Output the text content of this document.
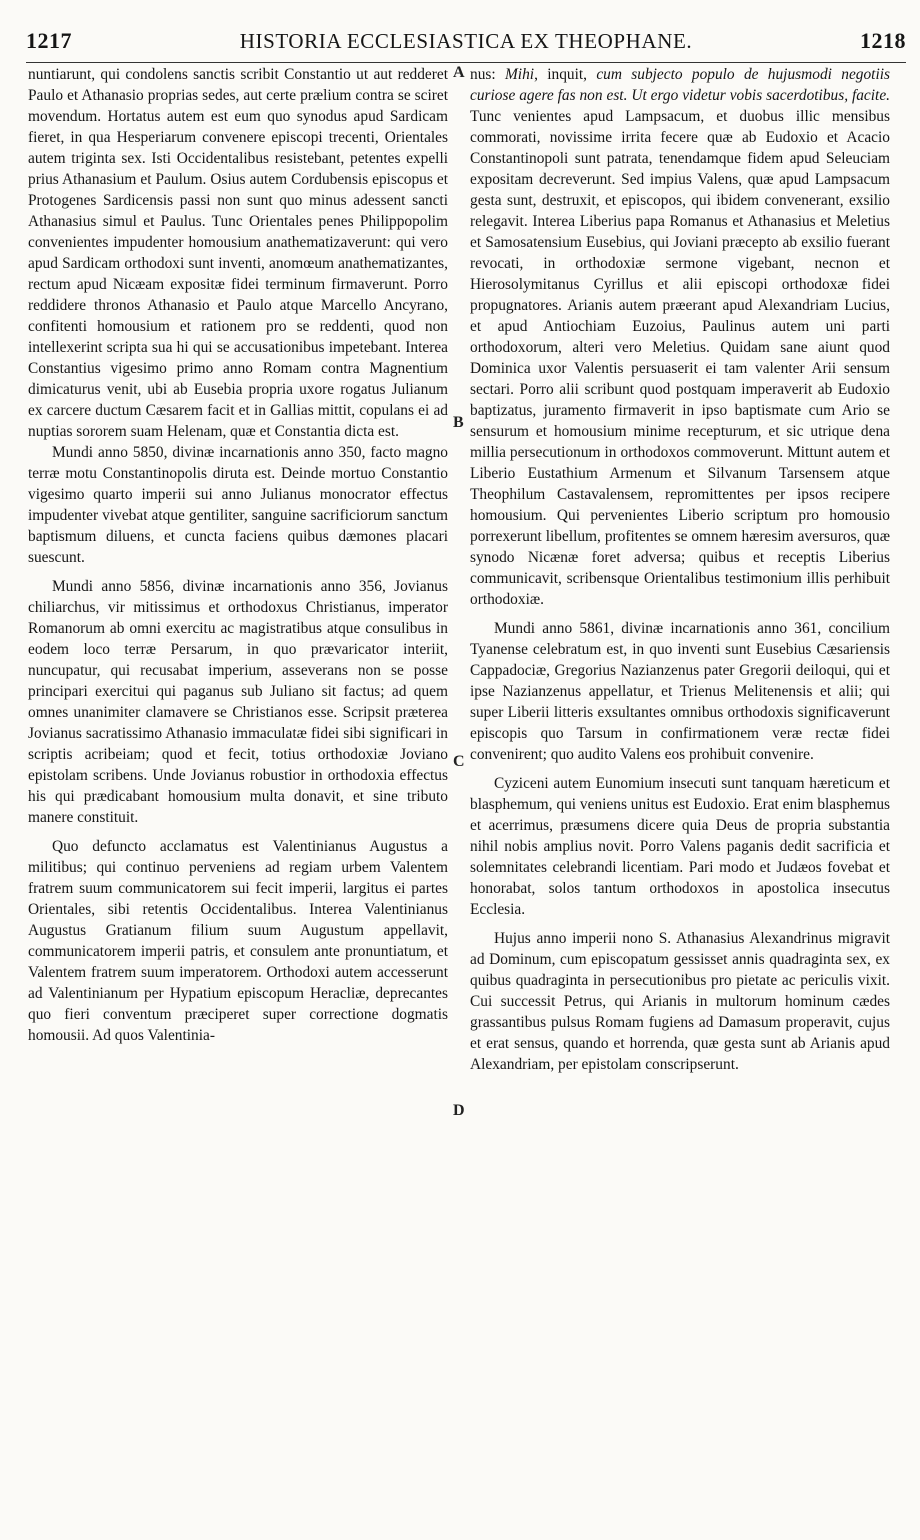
1217	HISTORIA ECCLESIASTICA EX THEOPHANE.	1218

nuntiarunt, qui condolens sanctis scribit Constantio ut aut redderet Paulo et Athanasio proprias sedes, aut certe prælium contra se sciret movendum. Hortatus autem est eum quo synodus apud Sardicam fieret, in qua Hesperiarum convenere episcopi trecenti, Orientales autem triginta sex. Isti Occidentalibus resistebant, petentes expelli prius Athanasium et Paulum. Osius autem Cordubensis episcopus et Protogenes Sardicensis passi non sunt quo minus adessent sancti Athanasius simul et Paulus. Tunc Orientales penes Philippopolim convenientes impudenter homousium anathematizaverunt: qui vero apud Sardicam orthodoxi sunt inventi, anomœum anathematizantes, rectum apud Nicæam expositæ fidei terminum firmaverunt. Porro reddidere thronos Athanasio et Paulo atque Marcello Ancyrano, confitenti homousium et rationem pro se reddenti, quod non intellexerint scripta sua hi qui se accusationibus impetebant. Interea Constantius vigesimo primo anno Romam contra Magnentium dimicaturus venit, ubi ab Eusebia propria uxore rogatus Julianum ex carcere ductum Cæsarem facit et in Gallias mittit, copulans ei ad nuptias sororem suam Helenam, quæ et Constantia dicta est.

Mundi anno 5850, divinæ incarnationis anno 350, facto magno terræ motu Constantinopolis diruta est. Deinde mortuo Constantio vigesimo quarto imperii sui anno Julianus monocrator effectus impudenter vivebat atque gentiliter, sanguine sacrificiorum sanctum baptismum diluens, et cuncta faciens quibus dæmones placari suescunt.

Mundi anno 5856, divinæ incarnationis anno 356, Jovianus chiliarchus, vir mitissimus et orthodoxus Christianus, imperator Romanorum ab omni exercitu ac magistratibus atque consulibus in eodem loco terræ Persarum, in quo prævaricator interiit, nuncupatur, qui recusabat imperium, asseverans non se posse principari exercitui qui paganus sub Juliano sit factus; ad quem omnes unanimiter clamavere se Christianos esse. Scripsit præterea Jovianus sacratissimo Athanasio immaculatæ fidei sibi significari in scriptis acribeiam; quod et fecit, totius orthodoxiæ Joviano epistolam scribens. Unde Jovianus robustior in orthodoxia effectus his qui prædicabant homousium multa donavit, et sine tributo manere constituit.

Quo defuncto acclamatus est Valentinianus Augustus a militibus; qui continuo perveniens ad regiam urbem Valentem fratrem suum communicatorem sui fecit imperii, largitus ei partes Orientales, sibi retentis Occidentalibus. Interea Valentinianus Augustus Gratianum filium suum Augustum appellavit, communicatorem imperii patris, et consulem ante pronuntiatum, et Valentem fratrem suum imperatorem. Orthodoxi autem accesserunt ad Valentinianum per Hypatium episcopum Heracliæ, deprecantes quo fieri conventum præciperet super correctione dogmatis homousii. Ad quos Valentinia-

A
B
C
D

nus: Mihi, inquit, cum subjecto populo de hujusmodi negotiis curiose agere fas non est. Ut ergo videtur vobis sacerdotibus, facite. Tunc venientes apud Lampsacum, et duobus illic mensibus commorati, novissime irrita fecere quæ ab Eudoxio et Acacio Constantinopoli sunt patrata, tenendamque fidem apud Seleuciam expositam decreverunt. Sed impius Valens, quæ apud Lampsacum gesta sunt, destruxit, et episcopos, qui ibidem convenerant, exsilio relegavit. Interea Liberius papa Romanus et Athanasius et Meletius et Samosatensium Eusebius, qui Joviani præcepto ab exsilio fuerant revocati, in orthodoxiæ sermone vigebant, necnon et Hierosolymitanus Cyrillus et alii episcopi orthodoxæ fidei propugnatores. Arianis autem præerant apud Alexandriam Lucius, et apud Antiochiam Euzoius, Paulinus autem uni parti orthodoxorum, alteri vero Meletius. Quidam sane aiunt quod Dominica uxor Valentis persuaserit ei tam valenter Arii sensum sectari. Porro alii scribunt quod postquam imperaverit ab Eudoxio baptizatus, juramento firmaverit in ipso baptismate cum Ario se sensurum et homousium minime recepturum, et sic utrique dena millia persecutionum in orthodoxos commoverunt. Mittunt autem et Liberio Eustathium Armenum et Silvanum Tarsensem atque Theophilum Castavalensem, repromittentes per ipsos recipere homousium. Qui pervenientes Liberio scriptum pro homousio porrexerunt libellum, profitentes se omnem hæresim aversuros, quæ synodo Nicænæ foret adversa; quibus et receptis Liberius communicavit, scribensque Orientalibus testimonium illis perhibuit orthodoxiæ.

Mundi anno 5861, divinæ incarnationis anno 361, concilium Tyanense celebratum est, in quo inventi sunt Eusebius Cæsariensis Cappadociæ, Gregorius Nazianzenus pater Gregorii deiloqui, qui et ipse Nazianzenus appellatur, et Trienus Melitenensis et alii; qui super Liberii litteris exsultantes omnibus orthodoxis significaverunt episcopis quo Tarsum in confirmationem veræ rectæ fidei convenirent; quo audito Valens eos prohibuit convenire.

Cyziceni autem Eunomium insecuti sunt tanquam hæreticum et blasphemum, qui veniens unitus est Eudoxio. Erat enim blasphemus et acerrimus, præsumens dicere quia Deus de propria substantia nihil nobis amplius novit. Porro Valens paganis dedit sacrificia et solemnitates celebrandi licentiam. Pari modo et Judæos fovebat et honorabat, solos tantum orthodoxos in apostolica insecutus Ecclesia.

Hujus anno imperii nono S. Athanasius Alexandrinus migravit ad Dominum, cum episcopatum gessisset annis quadraginta sex, ex quibus quadraginta in persecutionibus pro pietate ac periculis vixit. Cui successit Petrus, qui Arianis in multorum hominum cædes grassantibus pulsus Romam fugiens ad Damasum properavit, cujus et erat sensus, quando et horrenda, quæ gesta sunt ab Arianis apud Alexandriam, per epistolam conscripserunt.
